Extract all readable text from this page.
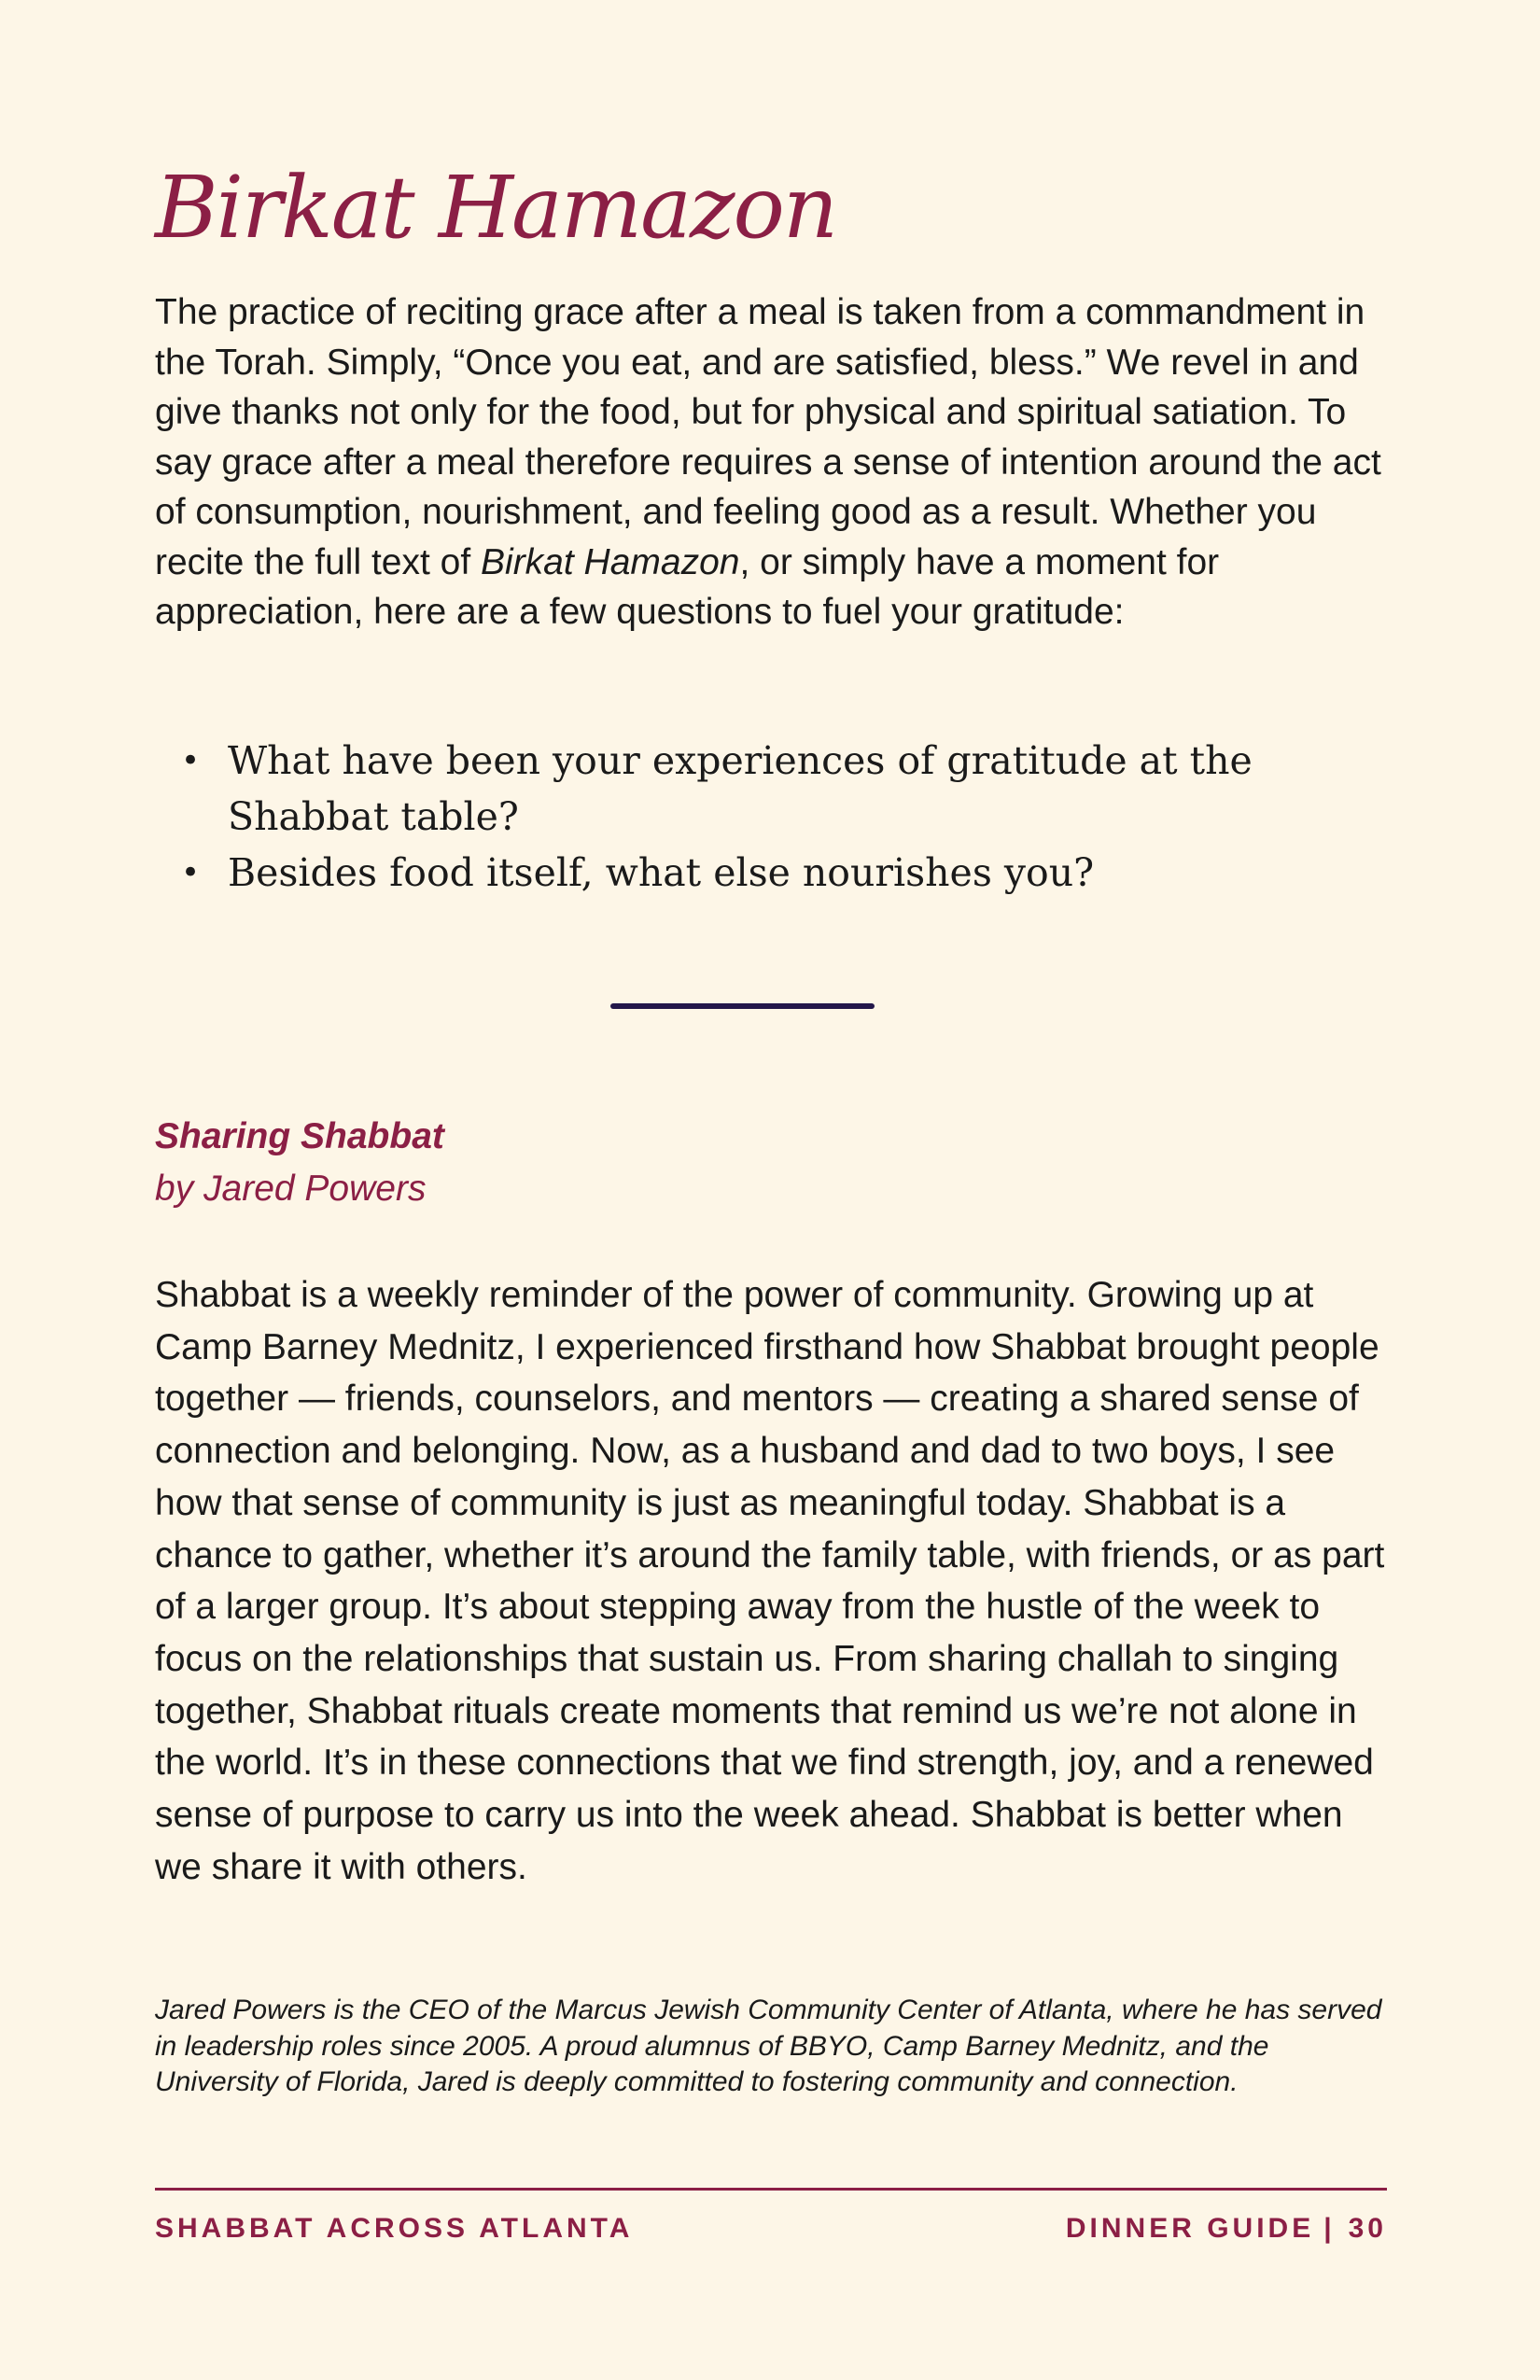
Birkat Hamazon

The practice of reciting grace after a meal is taken from a commandment in the Torah. Simply, “Once you eat, and are satisfied, bless.” We revel in and give thanks not only for the food, but for physical and spiritual satiation. To say grace after a meal therefore requires a sense of intention around the act of consumption, nourishment, and feeling good as a result. Whether you recite the full text of Birkat Hamazon, or simply have a moment for appreciation, here are a few questions to fuel your gratitude:

• What have been your experiences of gratitude at the Shabbat table?
• Besides food itself, what else nourishes you?

Sharing Shabbat

by Jared Powers

Shabbat is a weekly reminder of the power of community. Growing up at Camp Barney Mednitz, I experienced firsthand how Shabbat brought people together — friends, counselors, and mentors — creating a shared sense of connection and belonging. Now, as a husband and dad to two boys, I see how that sense of community is just as meaningful today. Shabbat is a chance to gather, whether it’s around the family table, with friends, or as part of a larger group. It’s about stepping away from the hustle of the week to focus on the relationships that sustain us. From sharing challah to singing together, Shabbat rituals create moments that remind us we’re not alone in the world. It’s in these connections that we find strength, joy, and a renewed sense of purpose to carry us into the week ahead. Shabbat is better when we share it with others.

Jared Powers is the CEO of the Marcus Jewish Community Center of Atlanta, where he has served in leadership roles since 2005. A proud alumnus of BBYO, Camp Barney Mednitz, and the University of Florida, Jared is deeply committed to fostering community and connection.

SHABBAT ACROSS ATLANTA	DINNER GUIDE | 30
